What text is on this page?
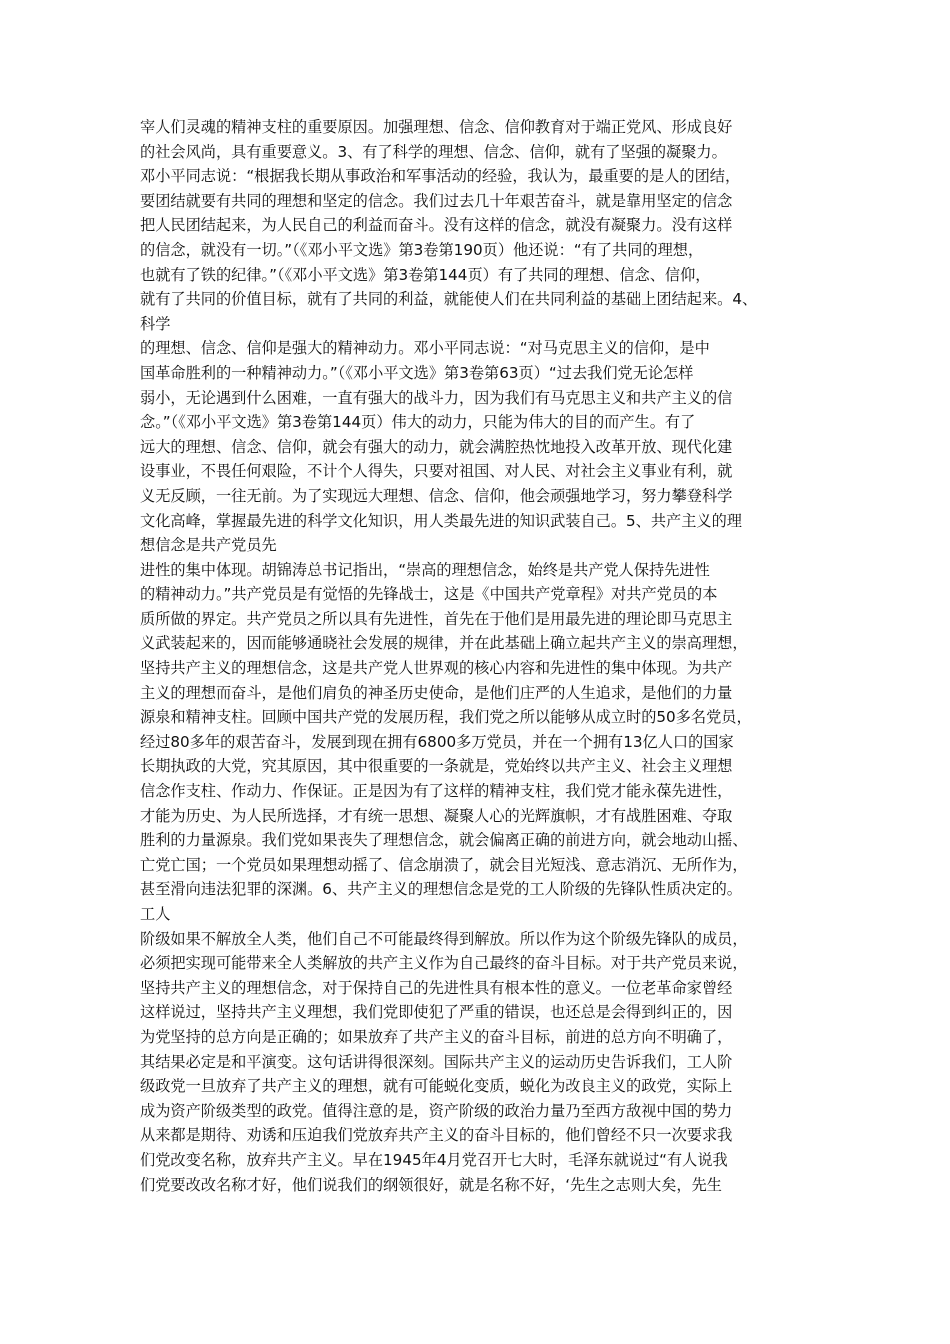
宰人们灵魂的精神支柱的重要原因。加强理想、信念、信仰教育对于端正党风、形成良好
的社会风尚，具有重要意义。3、有了科学的理想、信念、信仰，就有了坚强的凝聚力。
邓小平同志说：“根据我长期从事政治和军事活动的经验，我认为，最重要的是人的团结，
要团结就要有共同的理想和坚定的信念。我们过去几十年艰苦奋斗，就是靠用坚定的信念
把人民团结起来，为人民自己的利益而奋斗。没有这样的信念，就没有凝聚力。没有这样
的信念，就没有一切。”（《邓小平文选》第3卷第190页）他还说：“有了共同的理想，
也就有了铁的纪律。”（《邓小平文选》第3卷第144页）有了共同的理想、信念、信仰，
就有了共同的价值目标，就有了共同的利益，就能使人们在共同利益的基础上团结起来。4、
科学
的理想、信念、信仰是强大的精神动力。邓小平同志说：“对马克思主义的信仰，是中
国革命胜利的一种精神动力。”（《邓小平文选》第3卷第63页）“过去我们党无论怎样
弱小，无论遇到什么困难，一直有强大的战斗力，因为我们有马克思主义和共产主义的信
念。”（《邓小平文选》第3卷第144页）伟大的动力，只能为伟大的目的而产生。有了
远大的理想、信念、信仰，就会有强大的动力，就会满腔热忱地投入改革开放、现代化建
设事业，不畏任何艰险，不计个人得失，只要对祖国、对人民、对社会主义事业有利，就
义无反顾，一往无前。为了实现远大理想、信念、信仰，他会顽强地学习，努力攀登科学
文化高峰，掌握最先进的科学文化知识，用人类最先进的知识武装自己。5、共产主义的理
想信念是共产党员先
进性的集中体现。胡锦涛总书记指出，“崇高的理想信念，始终是共产党人保持先进性
的精神动力。”共产党员是有觉悟的先锋战士，这是《中国共产党章程》对共产党员的本
质所做的界定。共产党员之所以具有先进性，首先在于他们是用最先进的理论即马克思主
义武装起来的，因而能够通晓社会发展的规律，并在此基础上确立起共产主义的崇高理想，
坚持共产主义的理想信念，这是共产党人世界观的核心内容和先进性的集中体现。为共产
主义的理想而奋斗，是他们肩负的神圣历史使命，是他们庄严的人生追求，是他们的力量
源泉和精神支柱。回顾中国共产党的发展历程，我们党之所以能够从成立时的50多名党员，
经过80多年的艰苦奋斗，发展到现在拥有6800多万党员，并在一个拥有13亿人口的国家
长期执政的大党，究其原因，其中很重要的一条就是，党始终以共产主义、社会主义理想
信念作支柱、作动力、作保证。正是因为有了这样的精神支柱，我们党才能永葆先进性，
才能为历史、为人民所选择，才有统一思想、凝聚人心的光辉旗帜，才有战胜困难、夺取
胜利的力量源泉。我们党如果丧失了理想信念，就会偏离正确的前进方向，就会地动山摇、
亡党亡国；一个党员如果理想动摇了、信念崩溃了，就会目光短浅、意志消沉、无所作为，
甚至滑向违法犯罪的深渊。6、共产主义的理想信念是党的工人阶级的先锋队性质决定的。
工人
阶级如果不解放全人类，他们自己不可能最终得到解放。所以作为这个阶级先锋队的成员，
必须把实现可能带来全人类解放的共产主义作为自己最终的奋斗目标。对于共产党员来说，
坚持共产主义的理想信念，对于保持自己的先进性具有根本性的意义。一位老革命家曾经
这样说过，坚持共产主义理想，我们党即使犯了严重的错误，也还总是会得到纠正的，因
为党坚持的总方向是正确的；如果放弃了共产主义的奋斗目标，前进的总方向不明确了，
其结果必定是和平演变。这句话讲得很深刻。国际共产主义的运动历史告诉我们，工人阶
级政党一旦放弃了共产主义的理想，就有可能蜕化变质，蜕化为改良主义的政党，实际上
成为资产阶级类型的政党。值得注意的是，资产阶级的政治力量乃至西方敌视中国的势力
从来都是期待、劝诱和压迫我们党放弃共产主义的奋斗目标的，他们曾经不只一次要求我
们党改变名称，放弃共产主义。早在1945年4月党召开七大时，毛泽东就说过“有人说我
们党要改改名称才好，他们说我们的纲领很好，就是名称不好，‘先生之志则大矣，先生
